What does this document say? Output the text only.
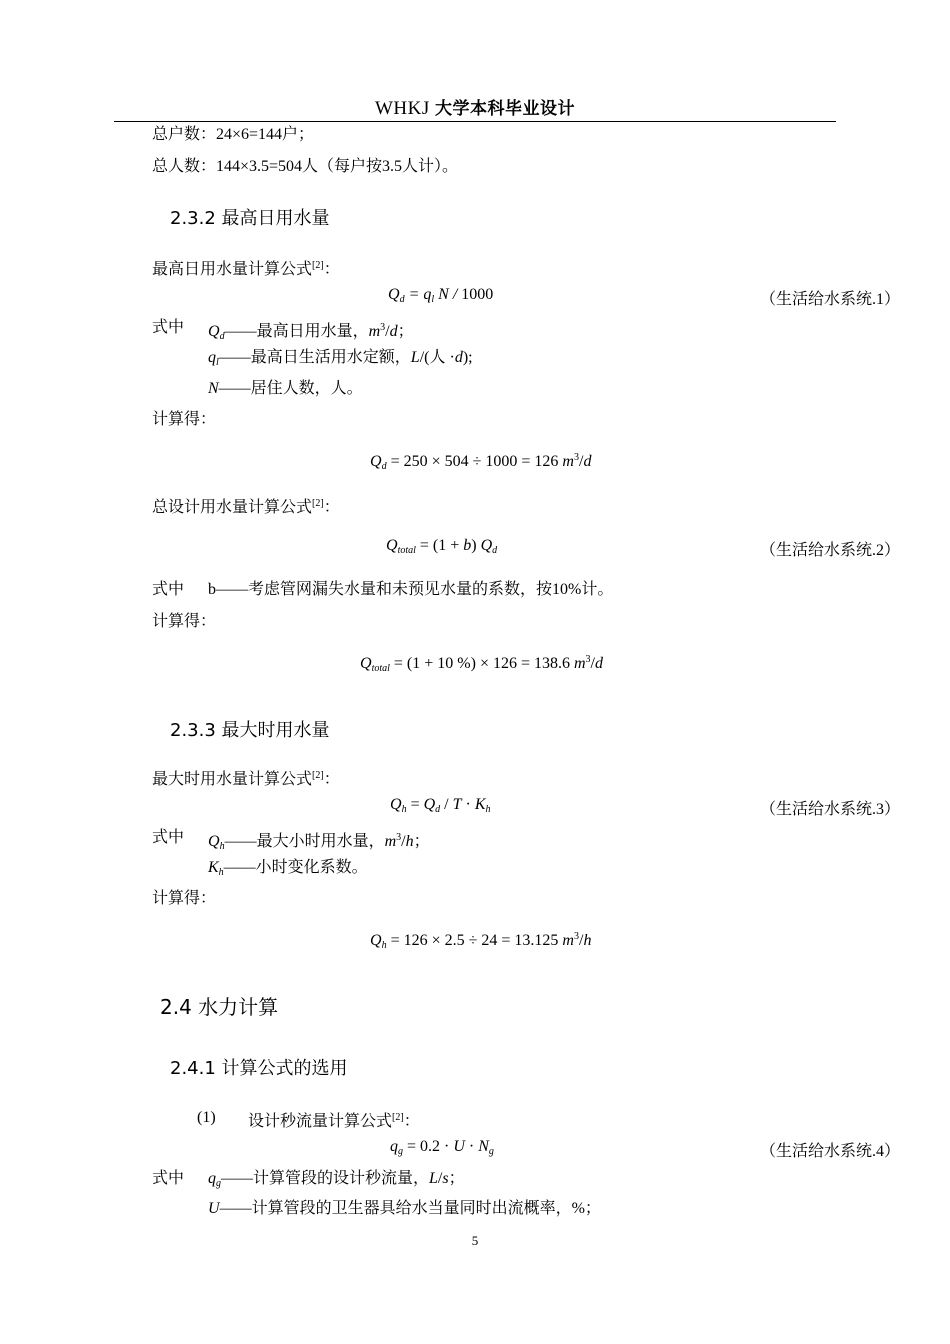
WHKJ 大学本科毕业设计
总户数：24×6=144户；
总人数：144×3.5=504人（每户按3.5人计）。
2.3.2 最高日用水量
最高日用水量计算公式[2]：
$Q_d = q_l$ N / 1000	（生活给水系统.1）
式中 $Q_d——$最高日用水量，$m^3/d$；
$q_l——$最高日生活用水定额，L/(人 ·d);
N——居住人数，人。
计算得：
$Q_d = 250 \times 504 \div 1000 = 126$ $m^3/d$
总设计用水量计算公式[2]：
$Q_{total} = (1 + b)$ $Q_d$	（生活给水系统.2）
式中 b——考虑管网漏失水量和未预见水量的系数，按10%计。
计算得：
$Q_{total} = (1 + 10$ %) × 126 = 138.6 $m^3/d$
2.3.3 最大时用水量
最大时用水量计算公式[2]：
$Q_h = Q_d / T \cdot K_h$	（生活给水系统.3）
式中 $Q_h——$最大小时用水量，$m^3/h$；
$K_h——$小时变化系数。
计算得：
$Q_h = 126 \times 2.5 \div 24 = 13.125$ $m^3/h$
2.4 水力计算
2.4.1 计算公式的选用
(1) 设计秒流量计算公式[2]：
$q_g = 0.2 \cdot U \cdot N_g$	（生活给水系统.4）
式中 $q_g——$计算管段的设计秒流量，L/s；
U——计算管段的卫生器具给水当量同时出流概率，%；
5
